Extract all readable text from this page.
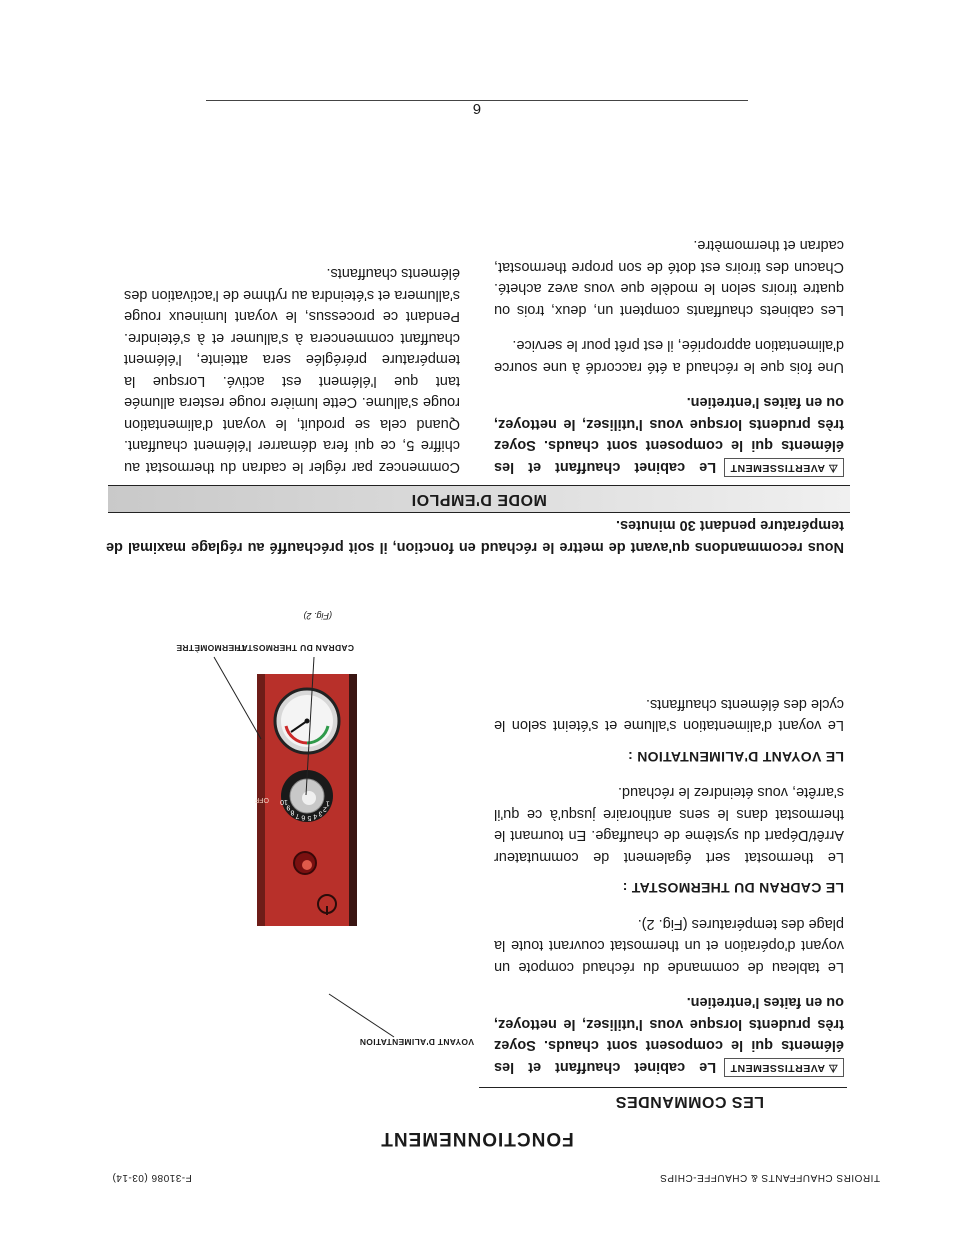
TIROIRS CHAUFFANTS & CHAUFFE-CHIPS
F-31086 (03-14)
FONCTIONNEMENT
LES COMMANDES

⚠ AVERTISSEMENT
Le cabinet chauffant et les éléments qui le composent sont chauds. Soyez très prudents lorsque vous l'utilisez, le nettoyez, ou en faites l'entretien.

Le tableau de commande du réchaud compote un voyant d'opération et un thermostat couvrant toute la plage des températures (Fig. 2).

LE CADRAN DU THERMOSTAT :

Le thermostat sert également de commutateur Arrêt/Départ du système de chauffage. En tournant le thermostat dans le sens antihoraire jusqu'à ce qu'il s'arrête, vous éteindrez le réchaud.

LE VOYANT D'ALIMENTATION :

Le voyant d'alimentation s'allume et s'éteint selon le cycle des éléments chauffants.

VOYANT D'ALIMENTATION
CADRAN DU THERMOSTAT
THERMOMÈTRE
1
2
3
4
5
6
7
8
9
10
OFF
(Fig. 2)
Nous recommandons qu'avant de mettre le réchaud en fonction, il soit préchauffé au réglage maximal de température pendant 30 minutes.
MODE D'EMPLOI

⚠ AVERTISSEMENT
Le cabinet chauffant et les éléments qui le composent sont chauds. Soyez très prudents lorsque vous l'utilisez, le nettoyez, ou en faites l'entretien.

Une fois que le réchaud a été raccordé à une source d'alimentation appropriée, il est prêt pour le service.

Les cabinets chauffants comptent un, deux, trois ou quatre tiroirs selon le modèle que vous avez acheté. Chacun des tiroirs est doté de son propre thermostat, cadran et thermomètre.

Commencez par régler le cadran du thermostat au chiffre 5, ce qui fera démarrer l'élément chauffant. Quand cela se produit, le voyant d'alimentation rouge s'allume. Cette lumière rouge restera allumée tant que l'élément est activé. Lorsque la température préréglée sera atteinte, l'élément chauffant commencera à s'allumer et à s'éteindre. Pendant ce processus, le voyant lumineux rouge s'allumera et s'éteindra au rythme de l'activation des éléments chauffants.

6
